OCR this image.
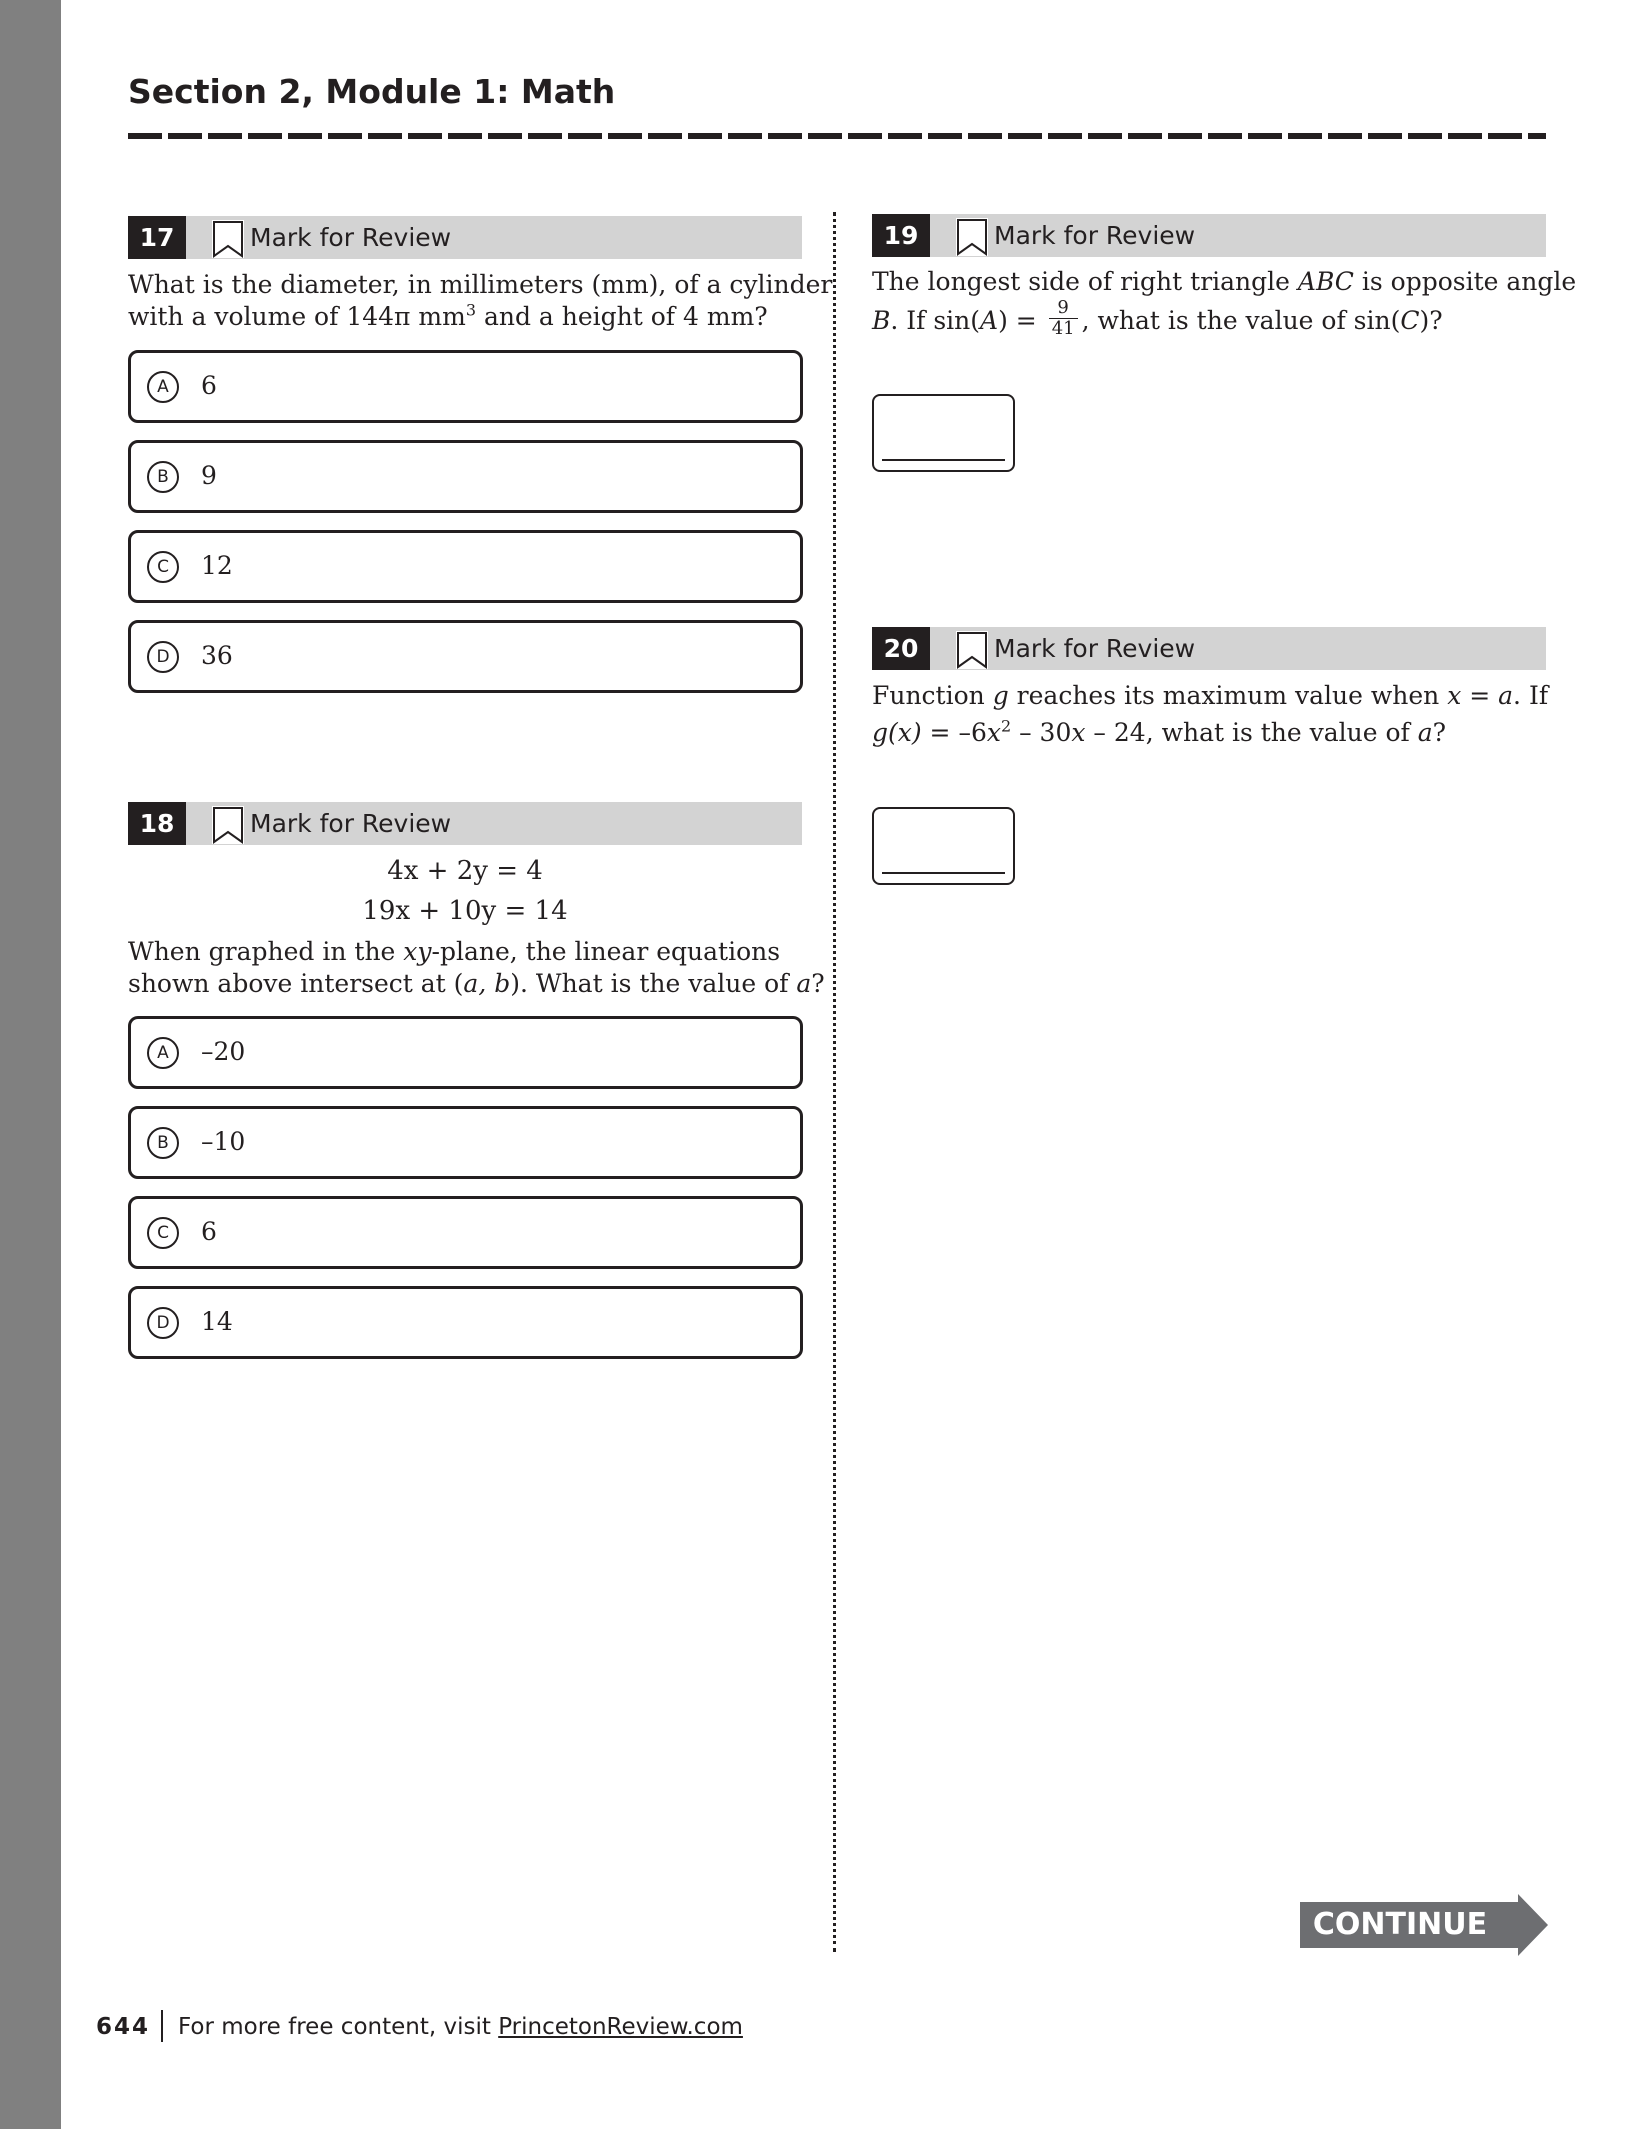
Section 2, Module 1: Math
17	Mark for Review
What is the diameter, in millimeters (mm), of a cylinder
with a volume of 144π $mm^3$ and a height of 4 mm?
A	6
B	9
C	12
D	36
18	Mark for Review
4x + 2y = 4
19x + 10y = 14
When graphed in the xy-plane, the linear equations
shown above intersect at (a, b). What is the value of a?
A	–20
B	–10
C	6
D	14
19	Mark for Review
The longest side of right triangle ABC is opposite angle
B. If $\sin(A) = \frac{9}{41}$ , what is the value of sin(C)?
20	Mark for Review
Function g reaches its maximum value when x = a. If
$g(x) = -6x^2 - 30x - 24$, what is the value of a?
CONTINUE
644 For more free content, visit PrincetonReview.com
